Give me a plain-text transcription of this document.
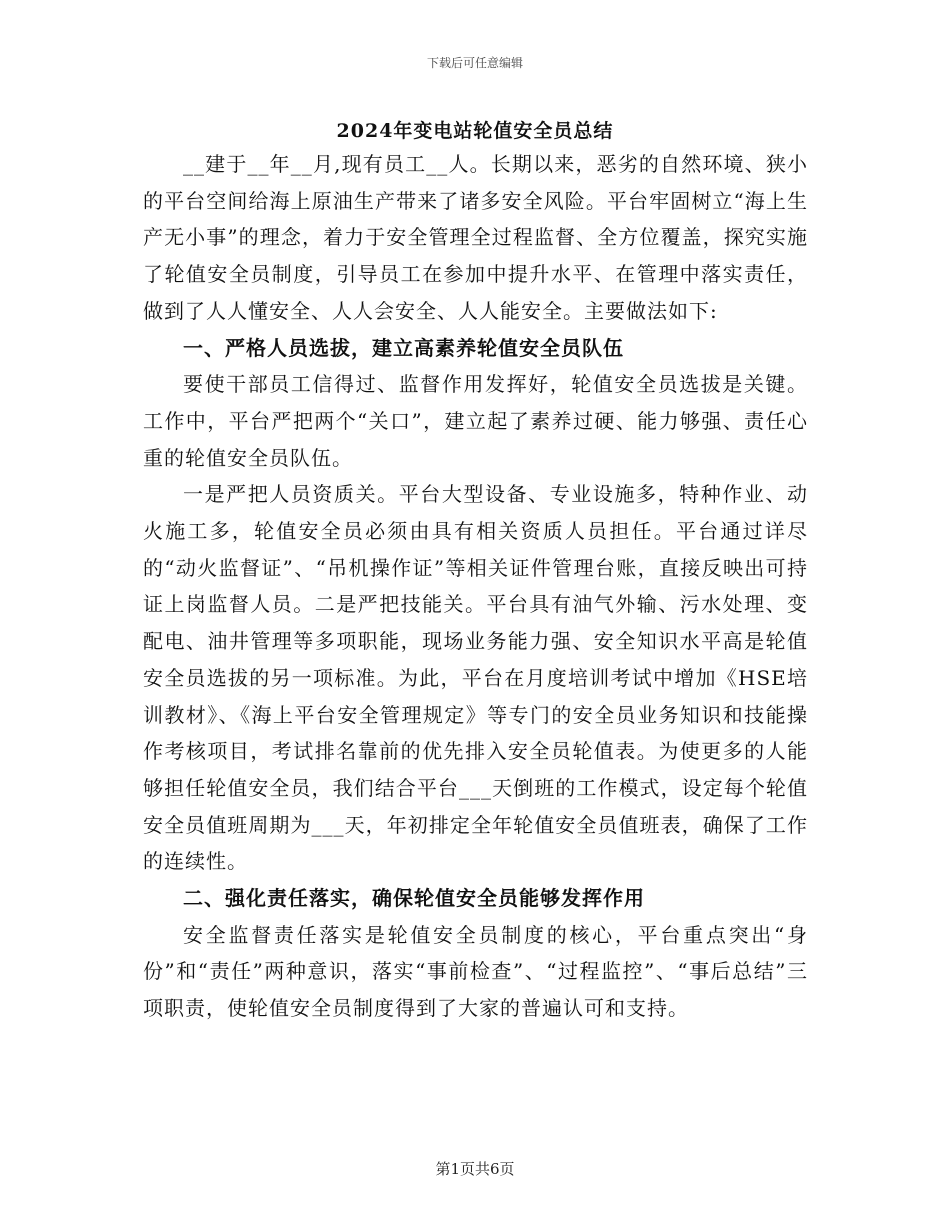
下载后可任意编辑
2024年变电站轮值安全员总结

__建于__年__月,现有员工__人。长期以来，恶劣的自然环境、狭小的平台空间给海上原油生产带来了诸多安全风险。平台牢固树立“海上生产无小事”的理念，着力于安全管理全过程监督、全方位覆盖，探究实施了轮值安全员制度，引导员工在参加中提升水平、在管理中落实责任，做到了人人懂安全、人人会安全、人人能安全。主要做法如下:

一、严格人员选拔，建立高素养轮值安全员队伍

要使干部员工信得过、监督作用发挥好，轮值安全员选拔是关键。工作中，平台严把两个“关口”，建立起了素养过硬、能力够强、责任心重的轮值安全员队伍。

一是严把人员资质关。平台大型设备、专业设施多，特种作业、动火施工多，轮值安全员必须由具有相关资质人员担任。平台通过详尽的“动火监督证”、“吊机操作证”等相关证件管理台账，直接反映出可持证上岗监督人员。二是严把技能关。平台具有油气外输、污水处理、变配电、油井管理等多项职能，现场业务能力强、安全知识水平高是轮值安全员选拔的另一项标准。为此，平台在月度培训考试中增加《HSE培训教材》、《海上平台安全管理规定》等专门的安全员业务知识和技能操作考核项目，考试排名靠前的优先排入安全员轮值表。为使更多的人能够担任轮值安全员，我们结合平台___天倒班的工作模式，设定每个轮值安全员值班周期为___天，年初排定全年轮值安全员值班表，确保了工作的连续性。

二、强化责任落实，确保轮值安全员能够发挥作用

安全监督责任落实是轮值安全员制度的核心，平台重点突出“身份”和“责任”两种意识，落实“事前检查”、“过程监控”、“事后总结”三项职责，使轮值安全员制度得到了大家的普遍认可和支持。

第1页共6页
